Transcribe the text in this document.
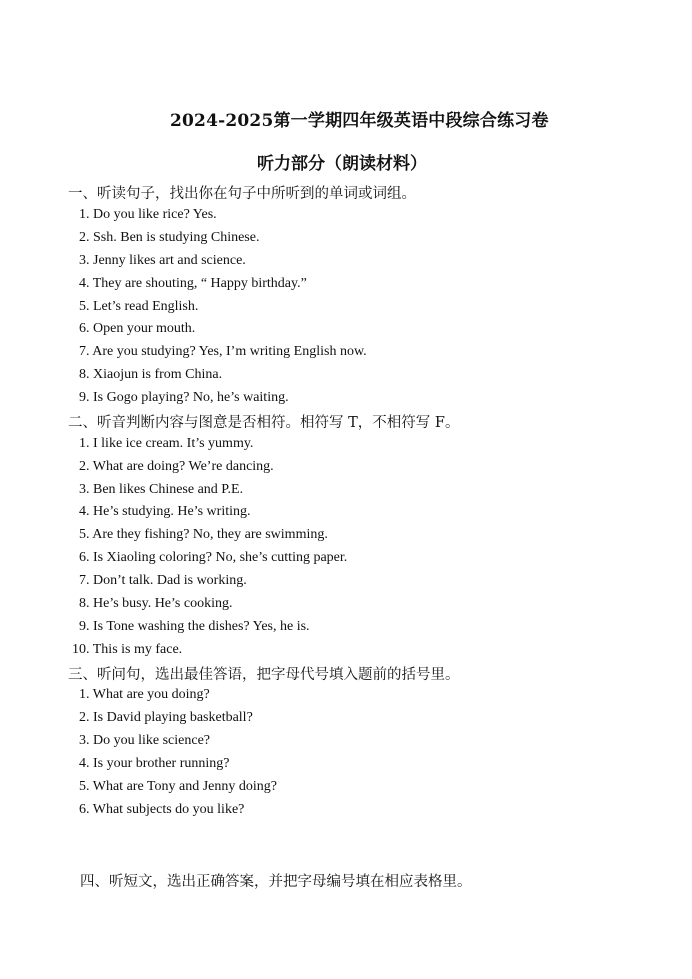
2024-2025第一学期四年级英语中段综合练习卷
听力部分（朗读材料）
一、听读句子，找出你在句子中所听到的单词或词组。
1. Do you like rice? Yes.
2. Ssh. Ben is studying Chinese.
3. Jenny likes art and science.
4. They are shouting, “ Happy birthday.”
5. Let’s read English.
6. Open your mouth.
7. Are you studying? Yes, I’m writing English now.
8. Xiaojun is from China.
9. Is Gogo playing? No, he’s waiting.
二、听音判断内容与图意是否相符。相符写 T，不相符写 F。
1. I like ice cream. It’s yummy.
2. What are doing? We’re dancing.
3. Ben likes Chinese and P.E.
4. He’s studying. He’s writing.
5. Are they fishing? No, they are swimming.
6. Is Xiaoling coloring? No, she’s cutting paper.
7. Don’t talk. Dad is working.
8. He’s busy. He’s cooking.
9. Is Tone washing the dishes? Yes, he is.
10. This is my face.
三、听问句，选出最佳答语，把字母代号填入题前的括号里。
1. What are you doing?
2. Is David playing basketball?
3. Do you like science?
4. Is your brother running?
5. What are Tony and Jenny doing?
6. What subjects do you like?
四、听短文，选出正确答案，并把字母编号填在相应表格里。
